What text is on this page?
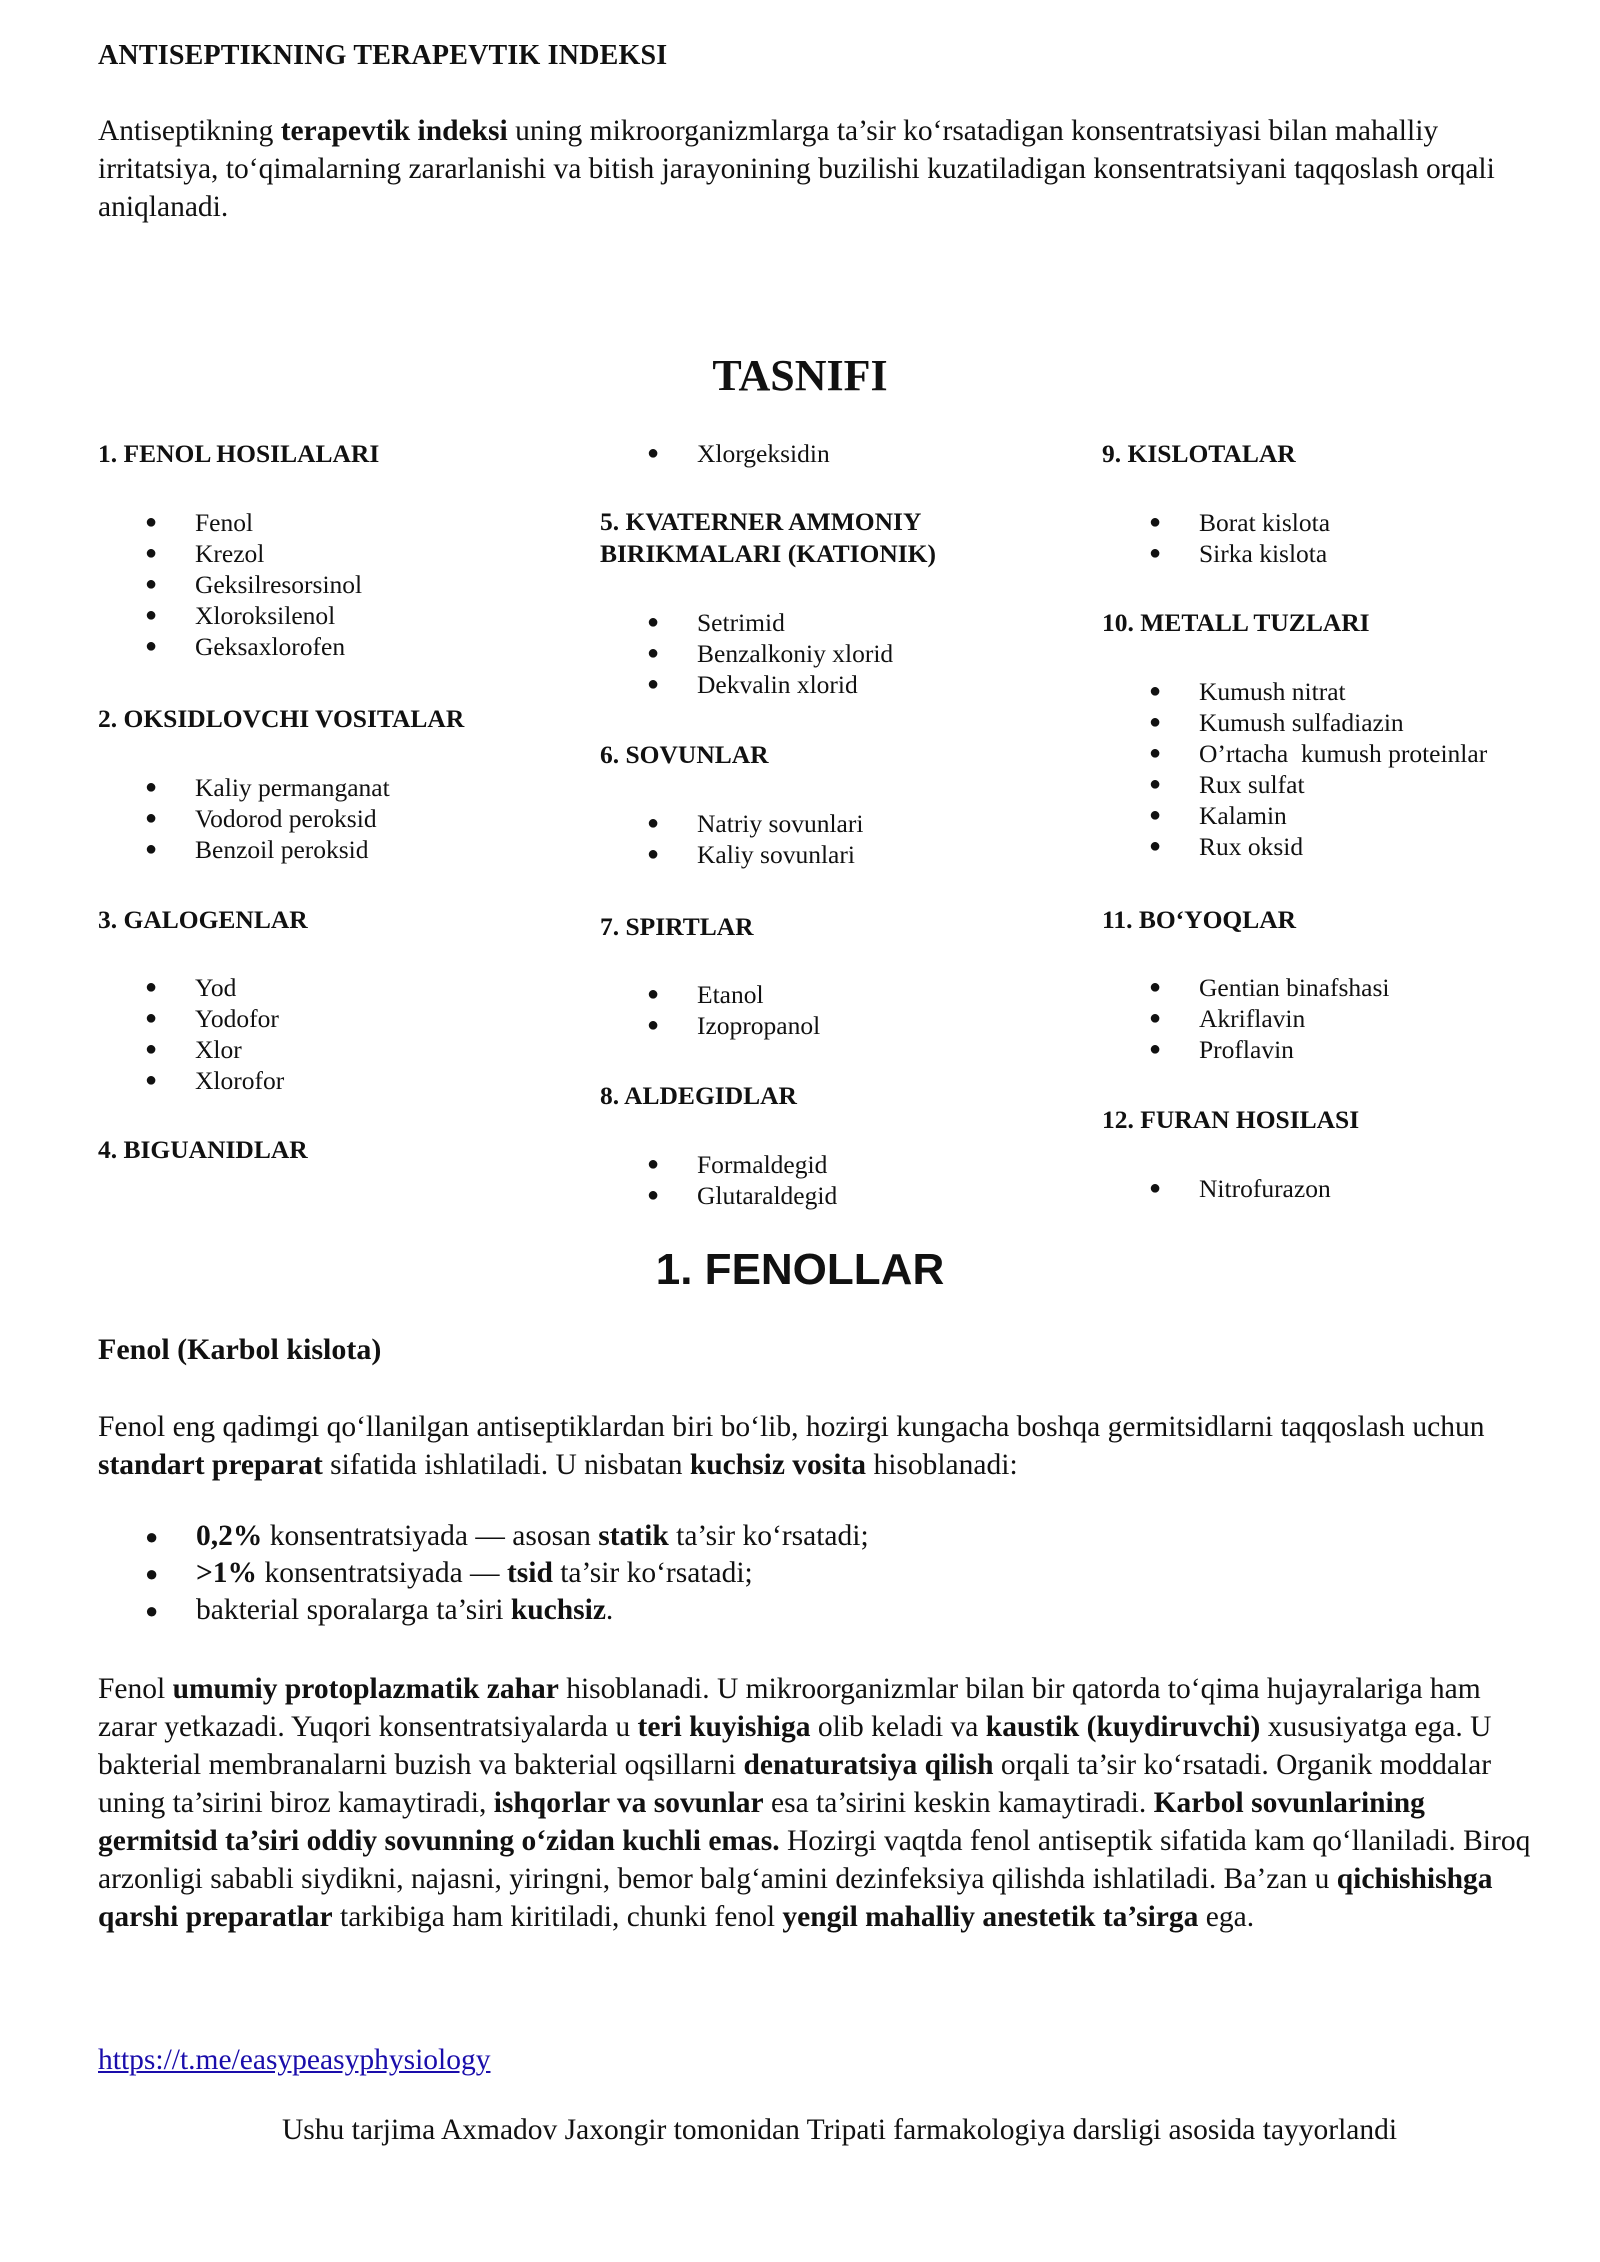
ANTISEPTIKNING TERAPEVTIK INDEKSI
Antiseptikning terapevtik indeksi uning mikroorganizmlarga ta’sir ko‘rsatadigan konsentratsiyasi bilan mahalliy irritatsiya, to‘qimalarning zararlanishi va bitish jarayonining buzilishi kuzatiladigan konsentratsiyani taqqoslash orqali aniqlanadi.
TASNIFI
1. FENOL HOSILALARI
● Fenol
● Krezol
● Geksilresorsinol
● Xloroksilenol
● Geksaxlorofen
2. OKSIDLOVCHI VOSITALAR
● Kaliy permanganat
● Vodorod peroksid
● Benzoil peroksid
3. GALOGENLAR
● Yod
● Yodofor
● Xlor
● Xlorofor
4. BIGUANIDLAR
● Xlorgeksidin
5. KVATERNER AMMONIY BIRIKMALARI (KATIONIK)
● Setrimid
● Benzalkoniy xlorid
● Dekvalin xlorid
6. SOVUNLAR
● Natriy sovunlari
● Kaliy sovunlari
7. SPIRTLAR
● Etanol
● Izopropanol
8. ALDEGIDLAR
● Formaldegid
● Glutaraldegid
9. KISLOTALAR
● Borat kislota
● Sirka kislota
10. METALL TUZLARI
● Kumush nitrat
● Kumush sulfadiazin
● O’rtacha  kumush proteinlar
● Rux sulfat
● Kalamin
● Rux oksid
11. BO‘YOQLAR
● Gentian binafshasi
● Akriflavin
● Proflavin
12. FURAN HOSILASI
● Nitrofurazon
1. FENOLLAR
Fenol (Karbol kislota)
Fenol eng qadimgi qo‘llanilgan antiseptiklardan biri bo‘lib, hozirgi kungacha boshqa germitsidlarni taqqoslash uchun standart preparat sifatida ishlatiladi. U nisbatan kuchsiz vosita hisoblanadi:
● 0,2% konsentratsiyada — asosan statik ta’sir ko‘rsatadi;
● >1% konsentratsiyada — tsid ta’sir ko‘rsatadi;
● bakterial sporalarga ta’siri kuchsiz.
Fenol umumiy protoplazmatik zahar hisoblanadi. U mikroorganizmlar bilan bir qatorda to‘qima hujayralariga ham zarar yetkazadi. Yuqori konsentratsiyalarda u teri kuyishiga olib keladi va kaustik (kuydiruvchi) xususiyatga ega. U bakterial membranalarni buzish va bakterial oqsillarni denaturatsiya qilish orqali ta’sir ko‘rsatadi. Organik moddalar uning ta’sirini biroz kamaytiradi, ishqorlar va sovunlar esa ta’sirini keskin kamaytiradi. Karbol sovunlarining germitsid ta’siri oddiy sovunning o‘zidan kuchli emas. Hozirgi vaqtda fenol antiseptik sifatida kam qo‘llaniladi. Biroq arzonligi sababli siydikni, najasni, yiringni, bemor balg‘amini dezinfeksiya qilishda ishlatiladi. Ba’zan u qichishishga qarshi preparatlar tarkibiga ham kiritiladi, chunki fenol yengil mahalliy anestetik ta’sirga ega.
https://t.me/easypeasyphysiology
Ushu tarjima Axmadov Jaxongir tomonidan Tripati farmakologiya darsligi asosida tayyorlandi
